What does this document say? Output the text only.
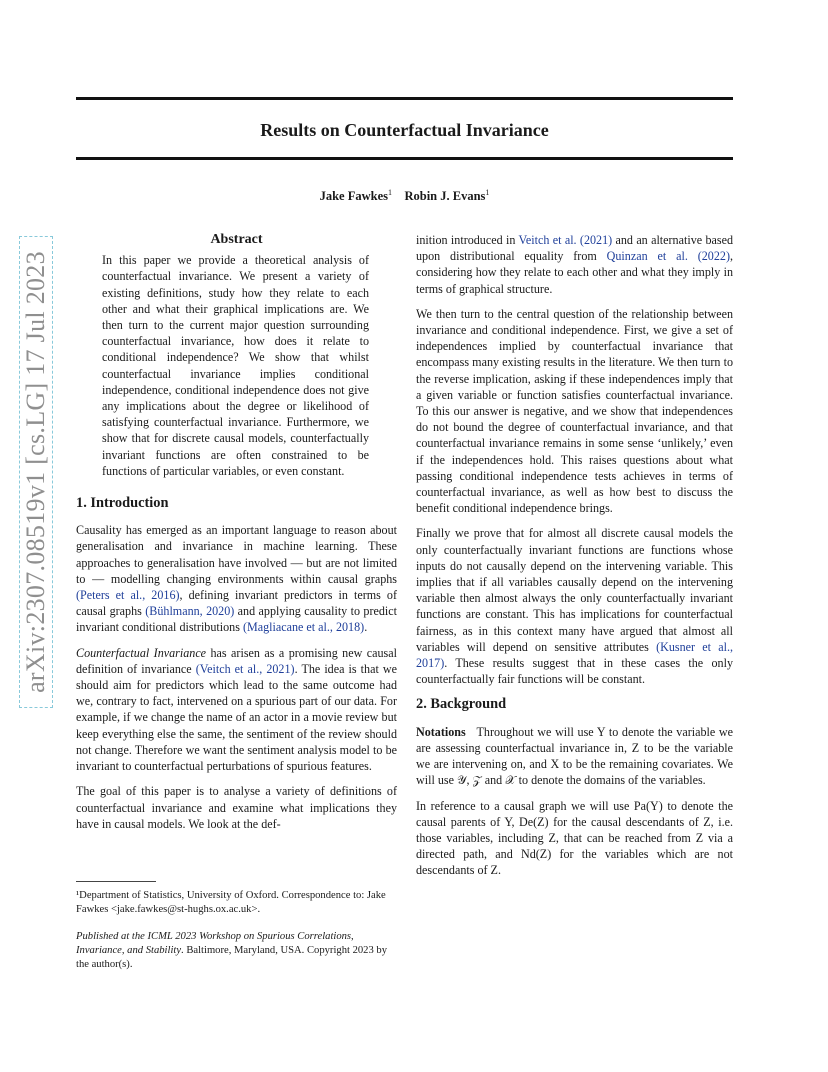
Results on Counterfactual Invariance
Jake Fawkes$^1$ Robin J. Evans$^1$
arXiv:2307.08519v1 [cs.LG] 17 Jul 2023
Abstract
In this paper we provide a theoretical analysis of counterfactual invariance. We present a variety of existing definitions, study how they relate to each other and what their graphical implications are. We then turn to the current major question surrounding counterfactual invariance, how does it relate to conditional independence? We show that whilst counterfactual invariance implies conditional independence, conditional independence does not give any implications about the degree or likelihood of satisfying counterfactual invariance. Furthermore, we show that for discrete causal models, counterfactually invariant functions are often constrained to be functions of particular variables, or even constant.
1. Introduction

Causality has emerged as an important language to reason about generalisation and invariance in machine learning. These approaches to generalisation have involved — but are not limited to — modelling changing environments within causal graphs (Peters et al., 2016), defining invariant predictors in terms of causal graphs (Bühlmann, 2020) and applying causality to predict invariant conditional distributions (Magliacane et al., 2018).

Counterfactual Invariance has arisen as a promising new causal definition of invariance (Veitch et al., 2021). The idea is that we should aim for predictors which lead to the same outcome had we, contrary to fact, intervened on a spurious part of our data. For example, if we change the name of an actor in a movie review but keep everything else the same, the sentiment of the review should not change. Therefore we want the sentiment analysis model to be invariant to counterfactual perturbations of spurious features.

The goal of this paper is to analyse a variety of definitions of counterfactual invariance and examine what implications they have in causal models. We look at the def-

¹Department of Statistics, University of Oxford. Correspondence to: Jake Fawkes <jake.fawkes@st-hughs.ox.ac.uk>.
Published at the ICML 2023 Workshop on Spurious Correlations, Invariance, and Stability. Baltimore, Maryland, USA. Copyright 2023 by the author(s).

inition introduced in Veitch et al. (2021) and an alternative based upon distributional equality from Quinzan et al. (2022), considering how they relate to each other and what they imply in terms of graphical structure.

We then turn to the central question of the relationship between invariance and conditional independence. First, we give a set of independences implied by counterfactual invariance that encompass many existing results in the literature. We then turn to the reverse implication, asking if these independences imply that a given variable or function satisfies counterfactual invariance. To this our answer is negative, and we show that independences do not bound the degree of counterfactual invariance, and that counterfactual invariance remains in some sense ‘unlikely,’ even if the independences hold. This raises questions about what passing conditional independence tests achieves in terms of counterfactual invariance, as well as how best to discuss the benefit conditional independence brings.

Finally we prove that for almost all discrete causal models the only counterfactually invariant functions are functions whose inputs do not causally depend on the intervening variable. This implies that if all variables causally depend on the intervening variable then almost always the only counterfactually invariant functions are constant. This has implications for counterfactual fairness, as in this context many have argued that almost all variables will depend on sensitive attributes (Kusner et al., 2017). These results suggest that in these cases the only counterfactually fair functions will be constant.

2. Background

Notations Throughout we will use Y to denote the variable we are assessing counterfactual invariance in, Z to be the variable we are intervening on, and X to be the remaining covariates. We will use 𝒴, 𝒵 and 𝒳 to denote the domains of the variables.

In reference to a causal graph we will use Pa(Y) to denote the causal parents of Y, De(Z) for the causal descendants of Z, i.e. those variables, including Z, that can be reached from Z via a directed path, and Nd(Z) for the variables which are not descendants of Z.
